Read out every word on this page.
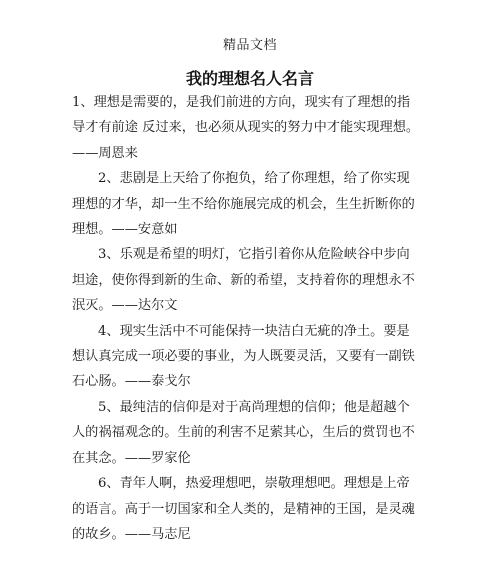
精品文档
我的理想名人名言
1、理想是需要的，是我们前进的方向，现实有了理想的指
导才有前途 反过来，也必须从现实的努力中才能实现理想。
——周恩来
2、悲剧是上天给了你抱负，给了你理想，给了你实现
理想的才华，却一生不给你施展完成的机会，生生折断你的
理想。——安意如
3、乐观是希望的明灯，它指引着你从危险峡谷中步向
坦途，使你得到新的生命、新的希望，支持着你的理想永不
泯灭。——达尔文
4、现实生活中不可能保持一块洁白无疵的净土。要是
想认真完成一项必要的事业，为人既要灵活，又要有一副铁
石心肠。——泰戈尔
5、最纯洁的信仰是对于高尚理想的信仰；他是超越个
人的祸福观念的。生前的利害不足萦其心，生后的赏罚也不
在其念。——罗家伦
6、青年人啊，热爱理想吧，崇敬理想吧。理想是上帝
的语言。高于一切国家和全人类的，是精神的王国，是灵魂
的故乡。——马志尼
